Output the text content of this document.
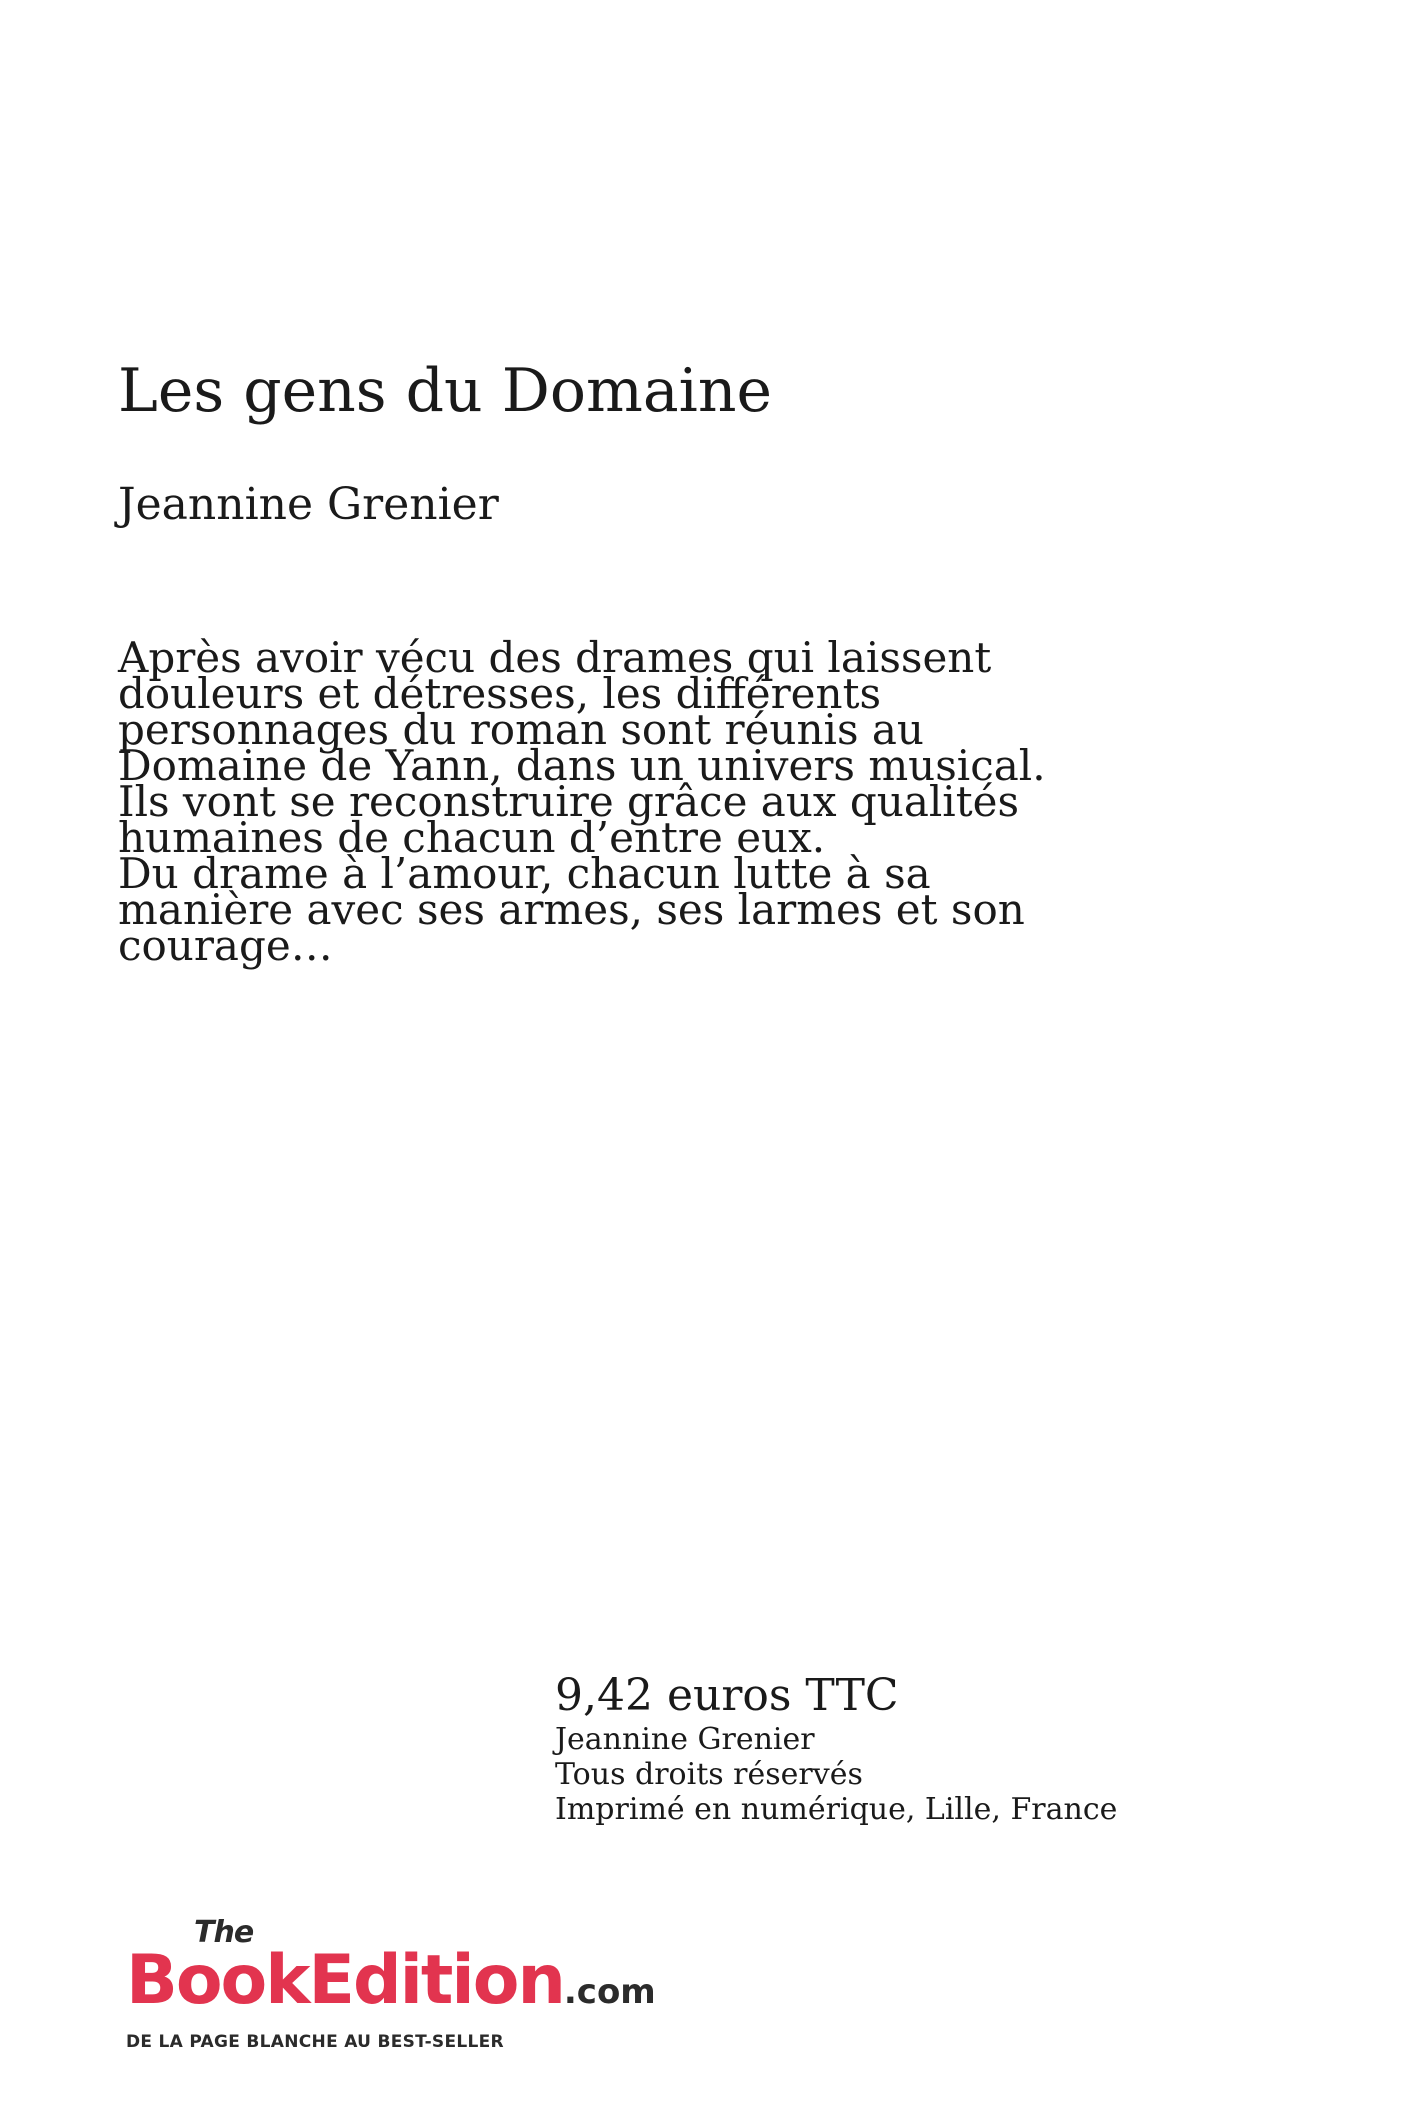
Les gens du Domaine
Jeannine Grenier
Après avoir vécu des drames qui laissent
douleurs et détresses, les différents
personnages du roman sont réunis au
Domaine de Yann, dans un univers musical.
Ils vont se reconstruire grâce aux qualités
humaines de chacun d’entre eux.
Du drame à l’amour, chacun lutte à sa
manière avec ses armes, ses larmes et son
courage…
9,42 euros TTC
Jeannine Grenier
Tous droits réservés
Imprimé en numérique, Lille, France
The
BookEdition.com
DE LA PAGE BLANCHE AU BEST-SELLER
